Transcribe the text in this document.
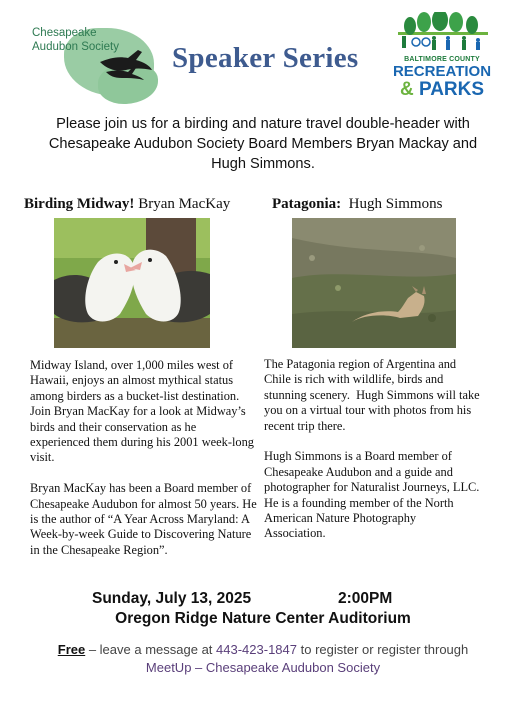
Chesapeake
Audubon Society Speaker Series	BALTIMORE COUNTY
RECREATION
& PARKS
Please join us for a birding and nature travel double-header with Chesapeake Audubon Society Board Members Bryan Mackay and Hugh Simmons.
Birding Midway! Bryan MacKay	Patagonia:  Hugh Simmons

Midway Island, over 1,000 miles west of Hawaii, enjoys an almost mythical status among birders as a bucket-list destination. Join Bryan MacKay for a look at Midway’s birds and their conservation as he experienced them during his 2001 week-long visit.

Bryan MacKay has been a Board member of Chesapeake Audubon for almost 50 years. He is the author of “A Year Across Maryland: A Week-by-week Guide to Discovering Nature in the Chesapeake Region”.

The Patagonia region of Argentina and Chile is rich with wildlife, birds and stunning scenery.  Hugh Simmons will take you on a virtual tour with photos from his recent trip there.

Hugh Simmons is a Board member of Chesapeake Audubon and a guide and photographer for Naturalist Journeys, LLC. He is a founding member of the North American Nature Photography Association.

Sunday, July 13, 2025	2:00PM
Oregon Ridge Nature Center Auditorium
Free – leave a message at 443-423-1847 to register or register through
MeetUp – Chesapeake Audubon Society
